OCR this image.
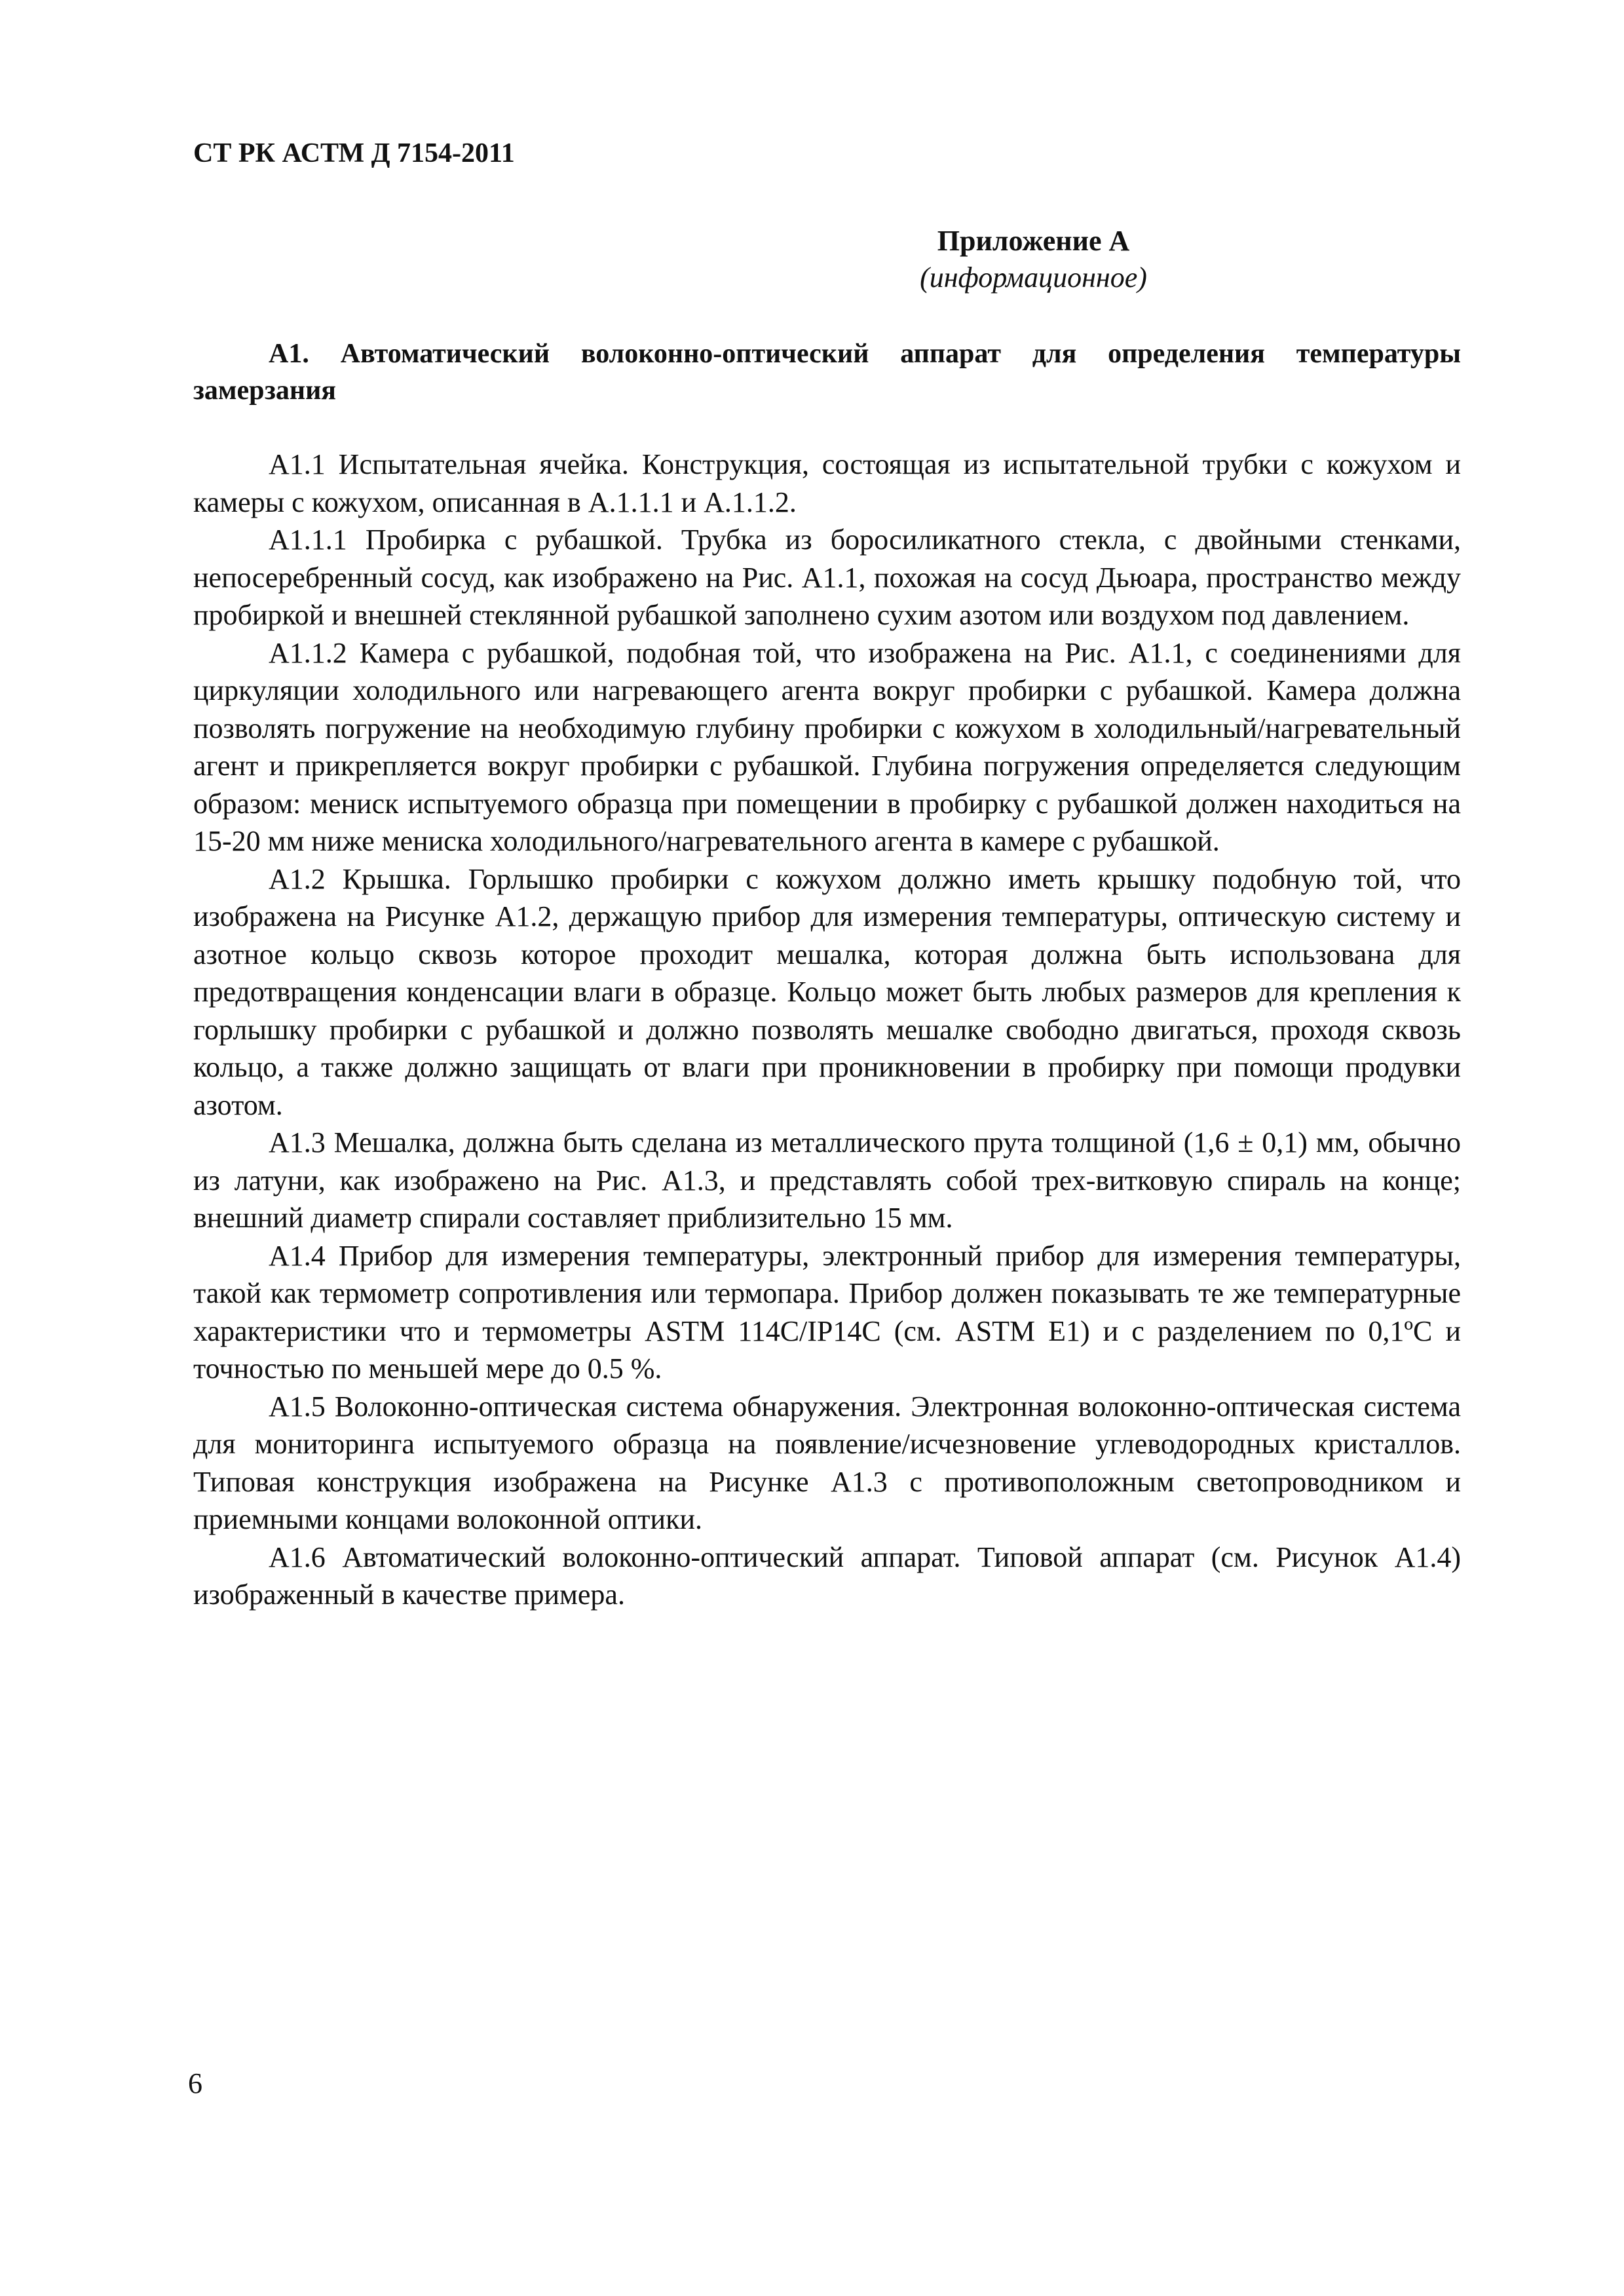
СТ РК АСТМ Д 7154-2011

Приложение А
(информационное)

А1. Автоматический волоконно-оптический аппарат для определения температуры замерзания

А1.1 Испытательная ячейка. Конструкция, состоящая из испытательной трубки с кожухом и камеры с кожухом, описанная в А.1.1.1 и А.1.1.2.

А1.1.1 Пробирка с рубашкой. Трубка из боросиликатного стекла, с двойными стенками, непосеребренный сосуд, как изображено на Рис. А1.1, похожая на сосуд Дьюара, пространство между пробиркой и внешней стеклянной рубашкой заполнено сухим азотом или воздухом под давлением.

А1.1.2 Камера с рубашкой, подобная той, что изображена на Рис. А1.1, с соединениями для циркуляции холодильного или нагревающего агента вокруг пробирки с рубашкой. Камера должна позволять погружение на необходимую глубину пробирки с кожухом в холодильный/нагревательный агент и прикрепляется вокруг пробирки с рубашкой. Глубина погружения определяется следующим образом: мениск испытуемого образца при помещении в пробирку с рубашкой должен находиться на 15-20 мм ниже мениска холодильного/нагревательного агента в камере с рубашкой.

А1.2 Крышка. Горлышко пробирки с кожухом должно иметь крышку подобную той, что изображена на Рисунке А1.2, держащую прибор для измерения температуры, оптическую систему и азотное кольцо сквозь которое проходит мешалка, которая должна быть использована для предотвращения конденсации влаги в образце. Кольцо может быть любых размеров для крепления к горлышку пробирки с рубашкой и должно позволять мешалке свободно двигаться, проходя сквозь кольцо, а также должно защищать от влаги при проникновении в пробирку при помощи продувки азотом.

А1.3 Мешалка, должна быть сделана из металлического прута толщиной (1,6 ± 0,1) мм, обычно из латуни, как изображено на Рис. А1.3, и представлять собой трех-витковую спираль на конце; внешний диаметр спирали составляет приблизительно 15 мм.

А1.4 Прибор для измерения температуры, электронный прибор для измерения температуры, такой как термометр сопротивления или термопара. Прибор должен показывать те же температурные характеристики что и термометры ASTM 114C/IP14C (см. ASTM E1) и с разделением по 0,1ºС и точностью по меньшей мере до 0.5 %.

А1.5 Волоконно-оптическая система обнаружения. Электронная волоконно-оптическая система для мониторинга испытуемого образца на появление/исчезновение углеводородных кристаллов. Типовая конструкция изображена на Рисунке А1.3 с противоположным светопроводником и приемными концами волоконной оптики.

А1.6 Автоматический волоконно-оптический аппарат. Типовой аппарат (см. Рисунок А1.4) изображенный в качестве примера.

6
